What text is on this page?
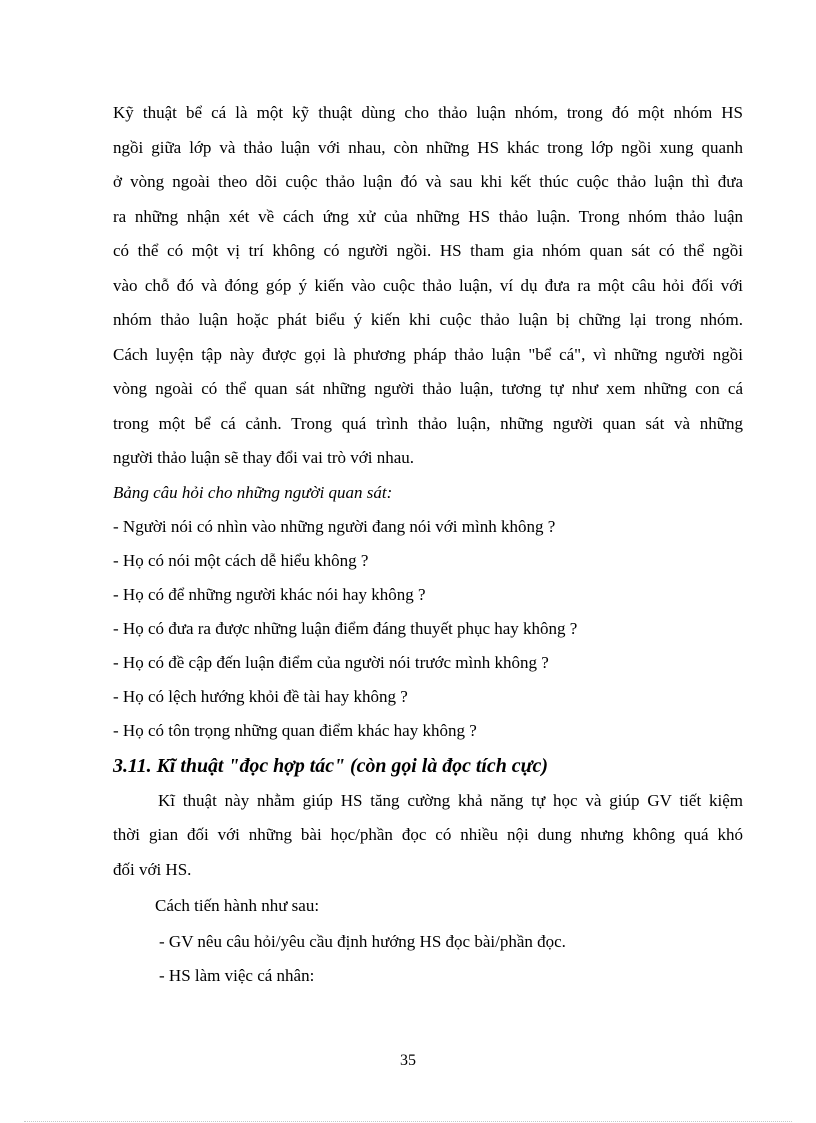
Kỹ thuật bể cá là một kỹ thuật dùng cho thảo luận nhóm, trong đó một nhóm HS
ngồi giữa lớp và thảo luận với nhau, còn những HS khác trong lớp ngồi xung quanh
ở vòng ngoài theo dõi cuộc thảo luận đó và sau khi kết thúc cuộc thảo luận thì đưa
ra những nhận xét về cách ứng xử của những HS thảo luận. Trong nhóm thảo luận
có thể có một vị trí không có người ngồi. HS tham gia nhóm quan sát có thể ngồi
vào chỗ đó và đóng góp ý kiến vào cuộc thảo luận, ví dụ đưa ra một câu hỏi đối với
nhóm thảo luận hoặc phát biểu ý kiến khi cuộc thảo luận bị chững lại trong nhóm.
Cách luyện tập này được gọi là phương pháp thảo luận "bể cá", vì những người ngồi
vòng ngoài có thể quan sát những người thảo luận, tương tự như xem những con cá
trong một bể cá cảnh. Trong quá trình thảo luận, những người quan sát và những
người thảo luận sẽ thay đổi vai trò với nhau.

Bảng câu hỏi cho những người quan sát:

- Người nói có nhìn vào những người đang nói với mình không ?
- Họ có nói một cách dễ hiểu không ?
- Họ có để những người khác nói hay không ?
- Họ có đưa ra được những luận điểm đáng thuyết phục hay không ?
- Họ có đề cập đến luận điểm của người nói trước mình không ?
- Họ có lệch hướng khỏi đề tài hay không ?
- Họ có tôn trọng những quan điểm khác hay không ?
3.11. Kĩ thuật "đọc hợp tác" (còn gọi là đọc tích cực)

Kĩ thuật này nhằm giúp HS tăng cường khả năng tự học và giúp GV tiết kiệm
thời gian đối với những bài học/phần đọc có nhiều nội dung nhưng không quá khó
đối với HS.

Cách tiến hành như sau:

- GV nêu câu hỏi/yêu cầu định hướng HS đọc bài/phần đọc.
- HS làm việc cá nhân:
35
